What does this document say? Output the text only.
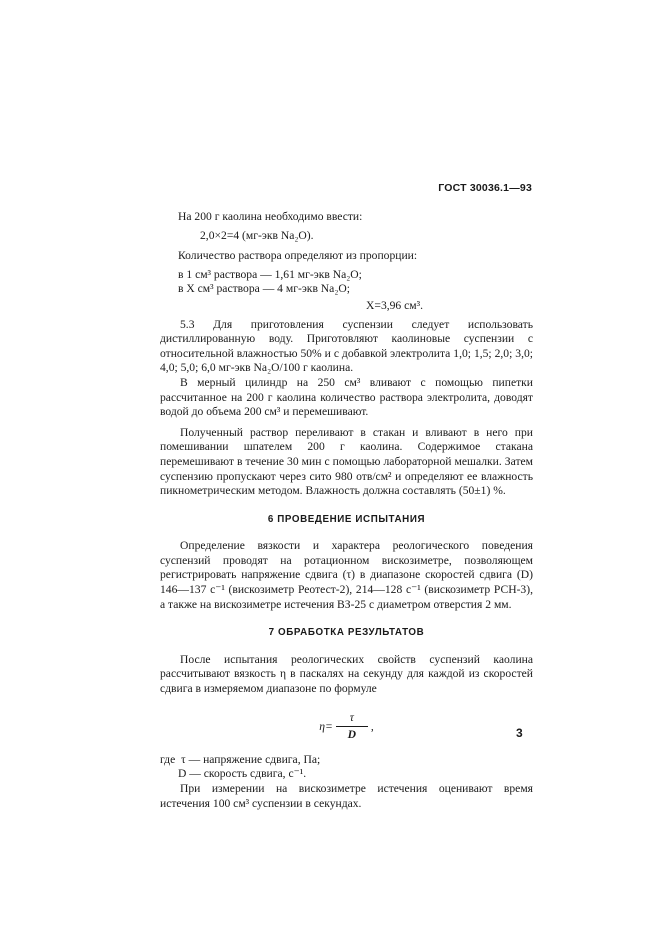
ГОСТ 30036.1—93
На 200 г каолина необходимо ввести:
2,0×2=4 (мг-экв Na₂O).
Количество раствора определяют из пропорции:
в 1 см³ раствора — 1,61 мг-экв Na₂O;
в X см³ раствора — 4 мг-экв Na₂O;
X=3,96 см³.

5.3 Для приготовления суспензии следует использовать дистиллированную воду. Приготовляют каолиновые суспензии с относительной влажностью 50% и с добавкой электролита 1,0; 1,5; 2,0; 3,0; 4,0; 5,0; 6,0 мг-экв Na₂O/100 г каолина.

В мерный цилиндр на 250 см³ вливают с помощью пипетки рассчитанное на 200 г каолина количество раствора электролита, доводят водой до объема 200 см³ и перемешивают.

Полученный раствор переливают в стакан и вливают в него при помешивании шпателем 200 г каолина. Содержимое стакана перемешивают в течение 30 мин с помощью лабораторной мешалки. Затем суспензию пропускают через сито 980 отв/см² и определяют ее влажность пикнометрическим методом. Влажность должна составлять (50±1) %.

6 ПРОВЕДЕНИЕ ИСПЫТАНИЯ

Определение вязкости и характера реологического поведения суспензий проводят на ротационном вискозиметре, позволяющем регистрировать напряжение сдвига (τ) в диапазоне скоростей сдвига (D) 146—137 с⁻¹ (вискозиметр Реотест-2), 214—128 с⁻¹ (вискозиметр РСН-3), а также на вискозиметре истечения ВЗ-25 с диаметром отверстия 2 мм.

7 ОБРАБОТКА РЕЗУЛЬТАТОВ

После испытания реологических свойств суспензий каолина рассчитывают вязкость η в паскалях на секунду для каждой из скоростей сдвига в измеряемом диапазоне по формуле

$\eta= \frac{\tau}{D}$ ,
где τ — напряжение сдвига, Па;
D — скорость сдвига, с⁻¹.

При измерении на вискозиметре истечения оценивают время истечения 100 см³ суспензии в секундах.

3
